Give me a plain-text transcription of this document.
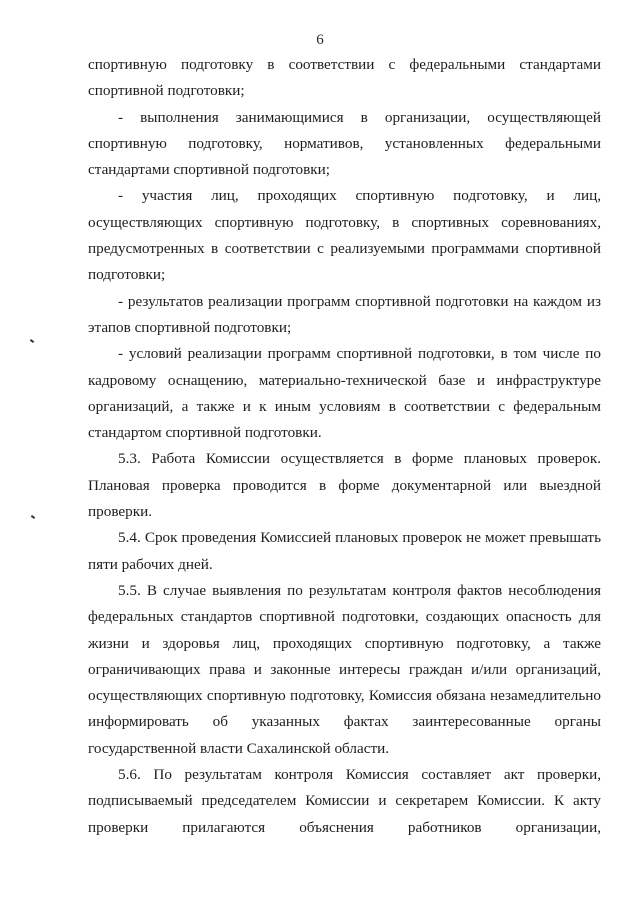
6

спортивную подготовку в соответствии с федеральными стандартами спортивной подготовки;

- выполнения занимающимися в организации, осуществляющей спортивную подготовку, нормативов, установленных федеральными стандартами спортивной подготовки;

- участия лиц, проходящих спортивную подготовку, и лиц, осуществляющих спортивную подготовку, в спортивных соревнованиях, предусмотренных в соответствии с реализуемыми программами спортивной подготовки;

- результатов реализации программ спортивной подготовки на каждом из этапов спортивной подготовки;

- условий реализации программ спортивной подготовки, в том числе по кадровому оснащению, материально-технической базе и инфраструктуре организаций, а также и к иным условиям в соответствии с федеральным стандартом спортивной подготовки.

5.3. Работа Комиссии осуществляется в форме плановых проверок. Плановая проверка проводится в форме документарной или выездной проверки.

5.4. Срок проведения Комиссией плановых проверок не может превышать пяти рабочих дней.

5.5. В случае выявления по результатам контроля фактов несоблюдения федеральных стандартов спортивной подготовки, создающих опасность для жизни и здоровья лиц, проходящих спортивную подготовку, а также ограничивающих права и законные интересы граждан и/или организаций, осуществляющих спортивную подготовку, Комиссия обязана незамедлительно информировать об указанных фактах заинтересованные органы государственной власти Сахалинской области.

5.6. По результатам контроля Комиссия составляет акт проверки, подписываемый председателем Комиссии и секретарем Комиссии. К акту проверки прилагаются объяснения работников организации,
